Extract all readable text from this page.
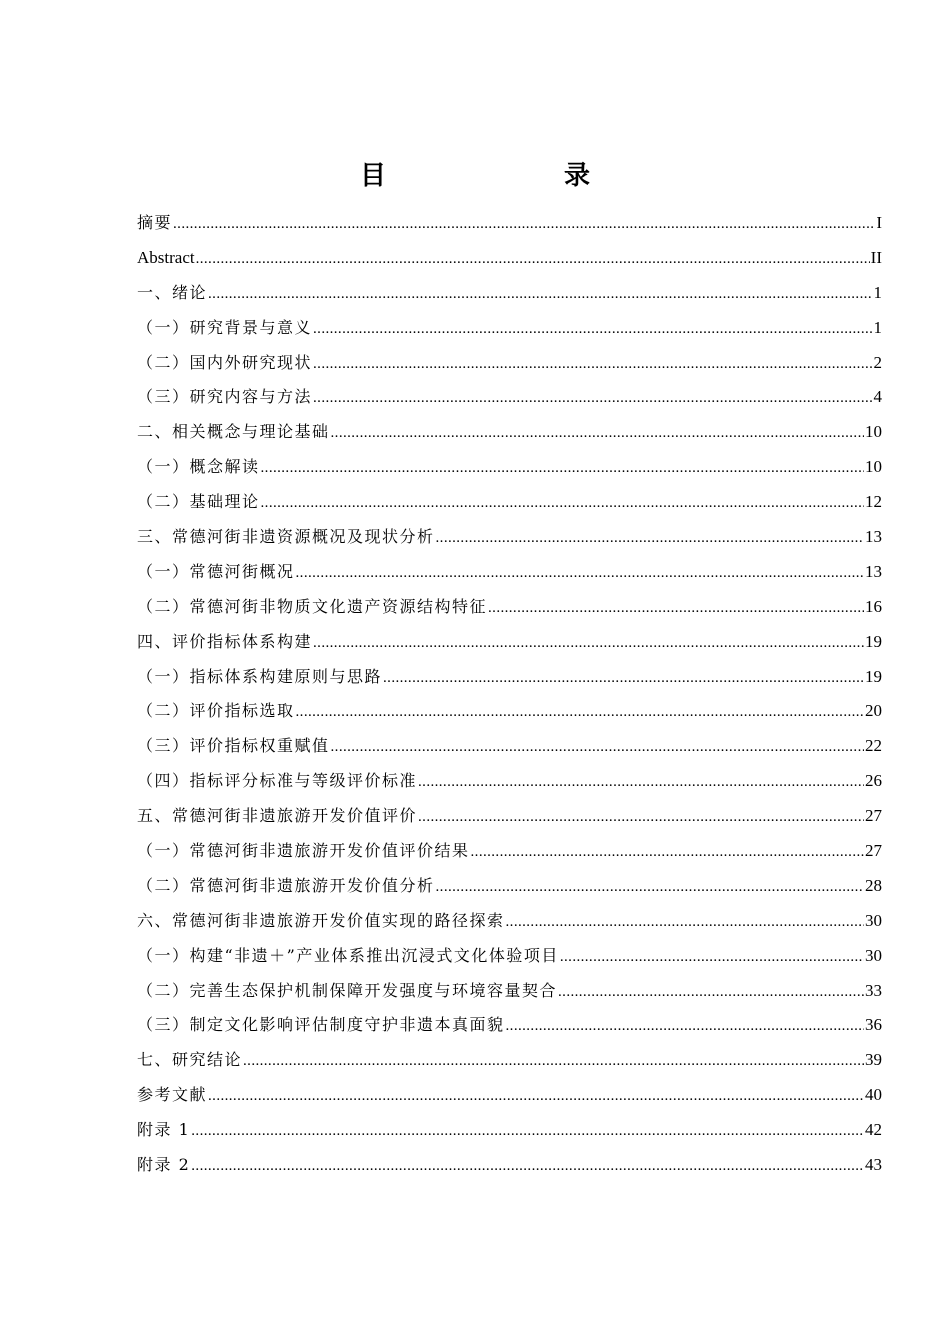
目　　录
摘要 .....	I
Abstract .....	II
一、绪论 .....	1
（一）研究背景与意义 .....	1
（二）国内外研究现状 .....	2
（三）研究内容与方法 .....	4
二、相关概念与理论基础 .....	10
（一）概念解读 .....	10
（二）基础理论 .....	12
三、常德河街非遗资源概况及现状分析 .....	13
（一）常德河街概况 .....	13
（二）常德河街非物质文化遗产资源结构特征 .....	16
四、评价指标体系构建 .....	19
（一）指标体系构建原则与思路 .....	19
（二）评价指标选取 .....	20
（三）评价指标权重赋值 .....	22
（四）指标评分标准与等级评价标准 .....	26
五、常德河街非遗旅游开发价值评价 .....	27
（一）常德河街非遗旅游开发价值评价结果 .....	27
（二）常德河街非遗旅游开发价值分析 .....	28
六、常德河街非遗旅游开发价值实现的路径探索 .....	30
（一）构建“非遗＋”产业体系推出沉浸式文化体验项目 .....	30
（二）完善生态保护机制保障开发强度与环境容量契合 .....	33
（三）制定文化影响评估制度守护非遗本真面貌 .....	36
七、研究结论 .....	39
参考文献 .....	40
附录 1 .....	42
附录 2 .....	43
